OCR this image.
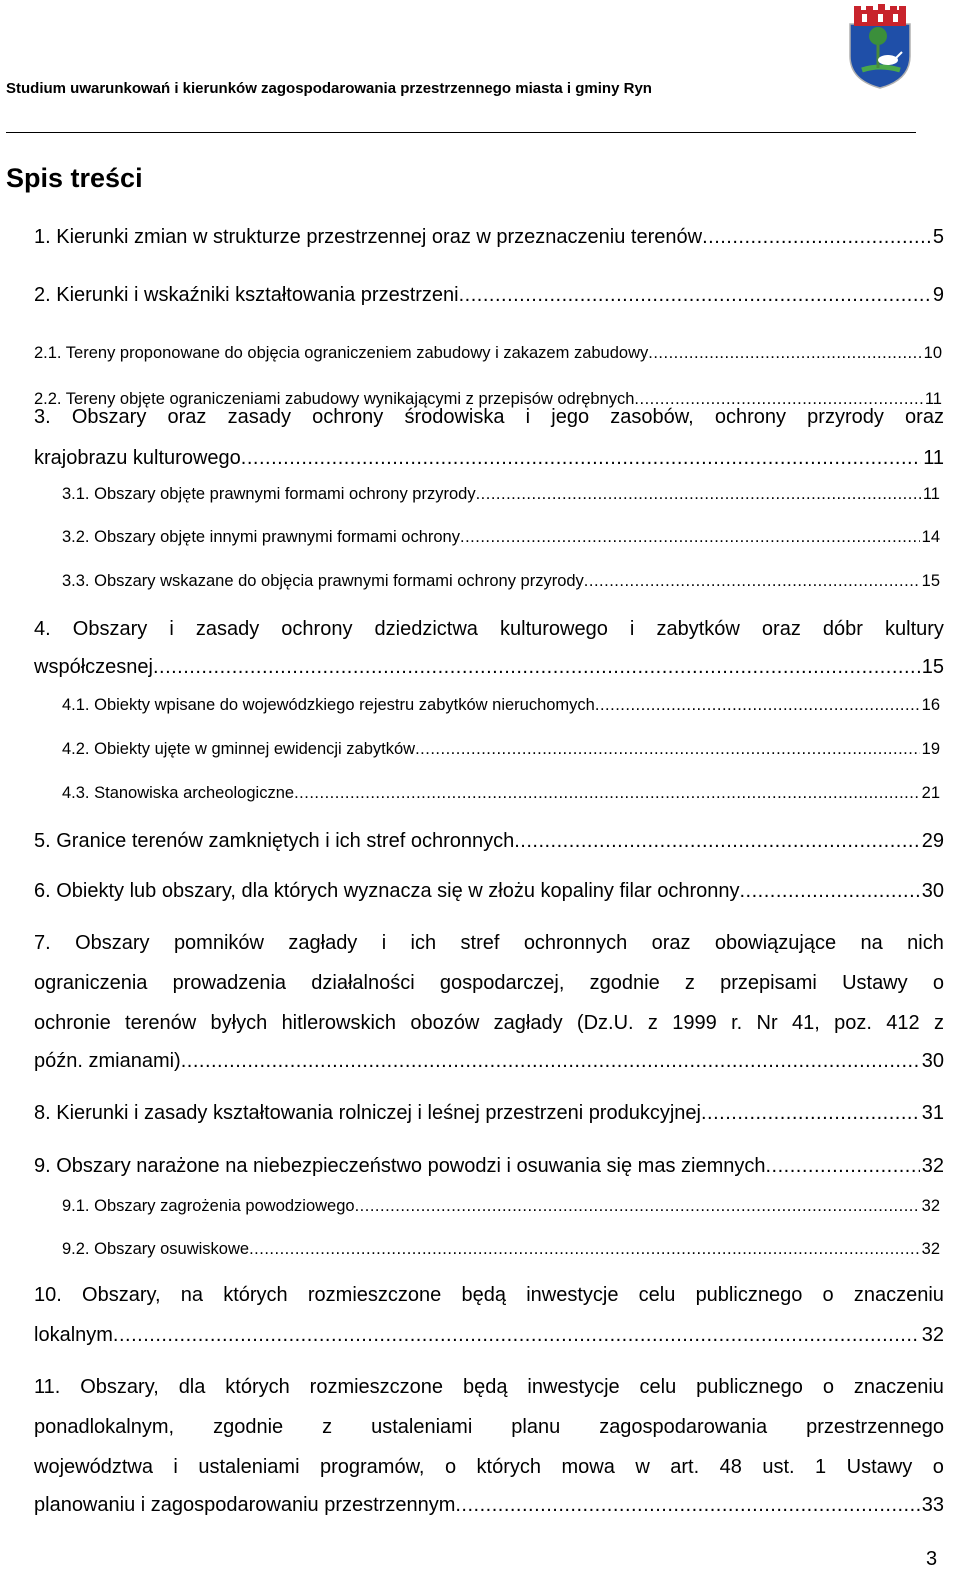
Studium uwarunkowań i kierunków zagospodarowania przestrzennego miasta i gminy Ryn
Spis treści
1. Kierunki zmian w strukturze przestrzennej oraz w przeznaczeniu terenów .....	5
2. Kierunki i wskaźniki kształtowania przestrzeni .....	9
2.1. Tereny proponowane do objęcia ograniczeniem zabudowy i zakazem zabudowy .....	10
2.2. Tereny objęte ograniczeniami zabudowy wynikającymi z przepisów odrębnych .....	11
3. Obszary oraz zasady ochrony środowiska i jego zasobów, ochrony przyrody oraz
krajobrazu kulturowego .....	11
3.1. Obszary objęte prawnymi formami ochrony przyrody .....	11
3.2. Obszary objęte innymi prawnymi formami ochrony .....	14
3.3. Obszary wskazane do objęcia prawnymi formami ochrony przyrody .....	15
4. Obszary i zasady ochrony dziedzictwa kulturowego i zabytków oraz dóbr kultury
współczesnej .....	15
4.1. Obiekty wpisane do wojewódzkiego rejestru zabytków nieruchomych .....	16
4.2. Obiekty ujęte w gminnej ewidencji zabytków .....	19
4.3. Stanowiska archeologiczne .....	21
5. Granice terenów zamkniętych i ich stref ochronnych .....	29
6. Obiekty lub obszary, dla których wyznacza się w złożu kopaliny filar ochronny .....	30
7. Obszary pomników zagłady i ich stref ochronnych oraz obowiązujące na nich
ograniczenia prowadzenia działalności gospodarczej, zgodnie z przepisami Ustawy o
ochronie terenów byłych hitlerowskich obozów zagłady (Dz.U. z 1999 r. Nr 41, poz. 412 z
późn. zmianami) .....	30
8. Kierunki i zasady kształtowania rolniczej i leśnej przestrzeni produkcyjnej .....	31
9. Obszary narażone na niebezpieczeństwo powodzi i osuwania się mas ziemnych .....	32
9.1. Obszary zagrożenia powodziowego .....	32
9.2. Obszary osuwiskowe .....	32
10. Obszary, na których rozmieszczone będą inwestycje celu publicznego o znaczeniu
lokalnym .....	32
11. Obszary, dla których rozmieszczone będą inwestycje celu publicznego o znaczeniu
ponadlokalnym, zgodnie z ustaleniami planu zagospodarowania przestrzennego
województwa i ustaleniami programów, o których mowa w art. 48 ust. 1 Ustawy o
planowaniu i zagospodarowaniu przestrzennym .....	33
3
